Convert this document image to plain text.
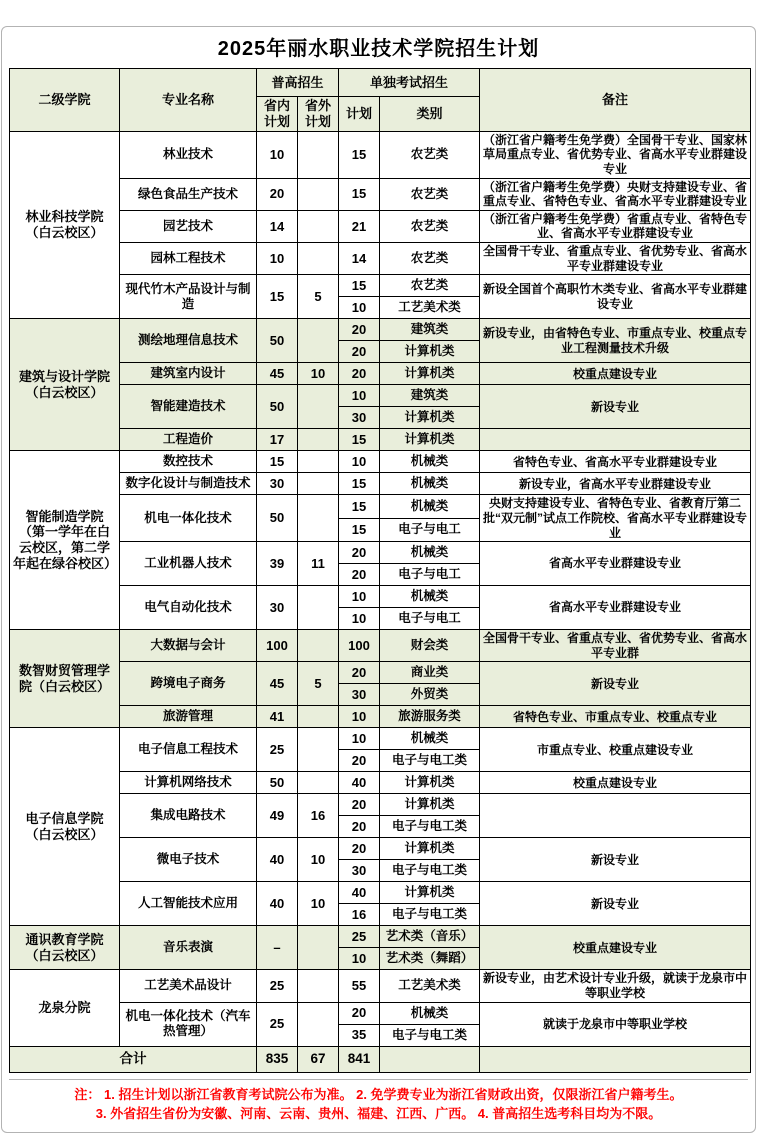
2025年丽水职业技术学院招生计划
二级学院	专业名称	普高招生		单独考试招生		备注
		省内计划	省外计划	计划	类别	
林业科技学院（白云校区）	林业技术	10		15	农艺类	（浙江省户籍考生免学费）全国骨干专业、国家林草局重点专业、省优势专业、省高水平专业群建设专业
	绿色食品生产技术	20		15	农艺类	（浙江省户籍考生免学费）央财支持建设专业、省重点专业、省特色专业、省高水平专业群建设专业
	园艺技术	14		21	农艺类	（浙江省户籍考生免学费）省重点专业、省特色专业、省高水平专业群建设专业
	园林工程技术	10		14	农艺类	全国骨干专业、省重点专业、省优势专业、省高水平专业群建设专业
	现代竹木产品设计与制造	15	5	15	农艺类	新设全国首个高职竹木类专业、省高水平专业群建设专业
				10	工艺美术类	
建筑与设计学院（白云校区）	测绘地理信息技术	50		20	建筑类	新设专业，由省特色专业、市重点专业、校重点专业工程测量技术升级
				20	计算机类	
	建筑室内设计	45	10	20	计算机类	校重点建设专业
	智能建造技术	50		10	建筑类	新设专业
				30	计算机类	
	工程造价	17		15	计算机类	
智能制造学院（第一学年在白云校区，第二学年起在绿谷校区）	数控技术	15		10	机械类	省特色专业、省高水平专业群建设专业
	数字化设计与制造技术	30		15	机械类	新设专业，省高水平专业群建设专业
	机电一体化技术	50		15	机械类	央财支持建设专业、省特色专业、省教育厅第二批“双元制”试点工作院校、省高水平专业群建设专业
				15	电子与电工	
	工业机器人技术	39	11	20	机械类	省高水平专业群建设专业
				20	电子与电工	
	电气自动化技术	30		10	机械类	省高水平专业群建设专业
				10	电子与电工	
数智财贸管理学院（白云校区）	大数据与会计	100		100	财会类	全国骨干专业、省重点专业、省优势专业、省高水平专业群
	跨境电子商务	45	5	20	商业类	新设专业
				30	外贸类	
	旅游管理	41		10	旅游服务类	省特色专业、市重点专业、校重点专业
电子信息学院（白云校区）	电子信息工程技术	25		10	机械类	市重点专业、校重点建设专业
				20	电子与电工类	
	计算机网络技术	50		40	计算机类	校重点建设专业
	集成电路技术	49	16	20	计算机类	
				20	电子与电工类	
	微电子技术	40	10	20	计算机类	新设专业
				30	电子与电工类	
	人工智能技术应用	40	10	40	计算机类	新设专业
				16	电子与电工类	
通识教育学院（白云校区）	音乐表演	–		25	艺术类（音乐）	校重点建设专业
				10	艺术类（舞蹈）	
龙泉分院	工艺美术品设计	25		55	工艺美术类	新设专业，由艺术设计专业升级，就读于龙泉市中等职业学校
	机电一体化技术（汽车热管理）	25		20	机械类	就读于龙泉市中等职业学校
				35	电子与电工类	
合计		835	67	841		
注： 1. 招生计划以浙江省教育考试院公布为准。 2. 免学费专业为浙江省财政出资，仅限浙江省户籍考生。
3. 外省招生省份为安徽、河南、云南、贵州、福建、江西、广西。 4. 普高招生选考科目均为不限。
